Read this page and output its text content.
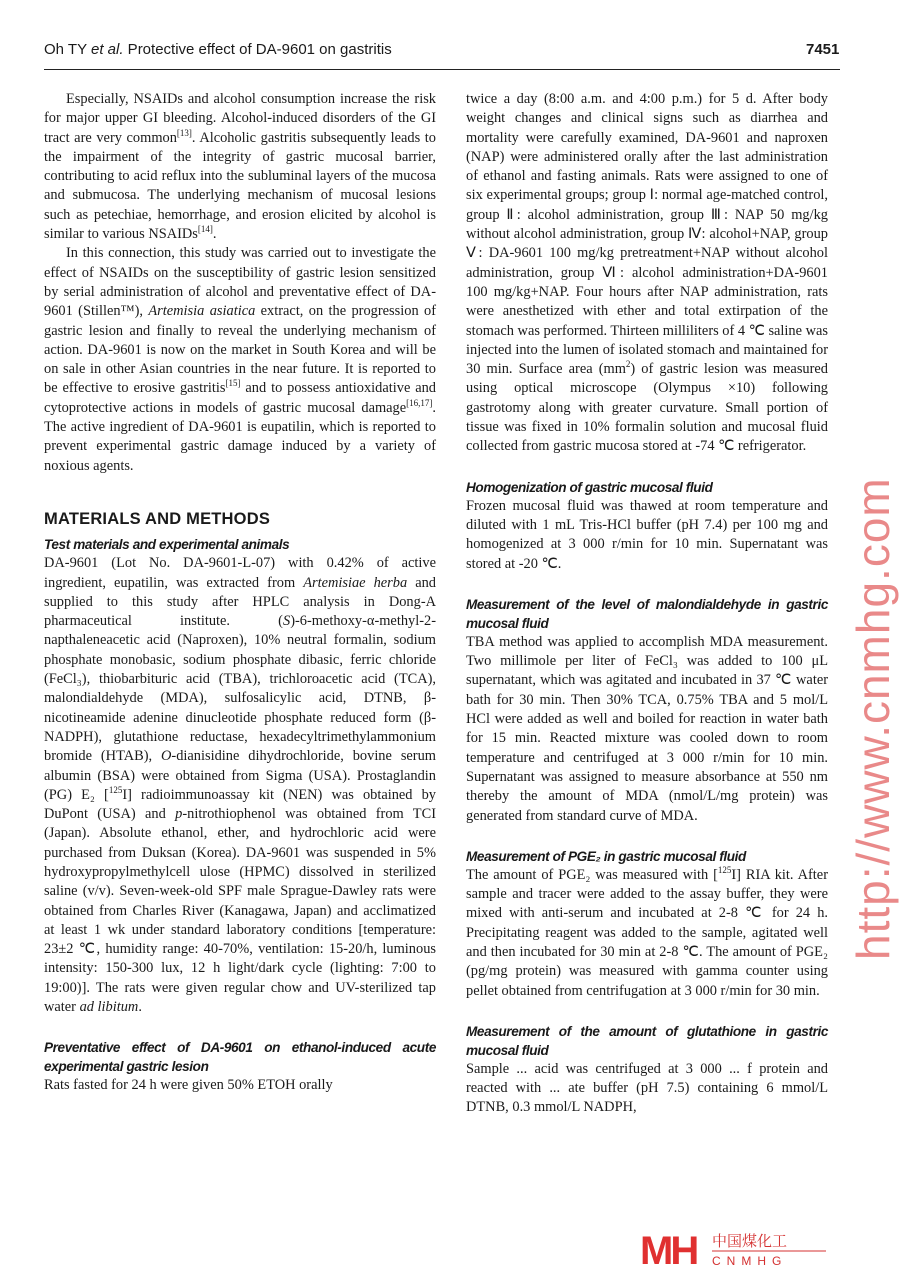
Oh TY et al. Protective effect of DA-9601 on gastritis	7451

Especially, NSAIDs and alcohol consumption increase the risk for major upper GI bleeding. Alcohol-induced disorders of the GI tract are very common[13]. Alcoholic gastritis subsequently leads to the impairment of the integrity of gastric mucosal barrier, contributing to acid reflux into the subluminal layers of the mucosa and submucosa. The underlying mechanism of mucosal lesions such as petechiae, hemorrhage, and erosion elicited by alcohol is similar to various NSAIDs[14].

In this connection, this study was carried out to investigate the effect of NSAIDs on the susceptibility of gastric lesion sensitized by serial administration of alcohol and preventative effect of DA-9601 (Stillen™), Artemisia asiatica extract, on the progression of gastric lesion and finally to reveal the underlying mechanism of action. DA-9601 is now on the market in South Korea and will be on sale in other Asian countries in the near future. It is reported to be effective to erosive gastritis[15] and to possess antioxidative and cytoprotective actions in models of gastric mucosal damage[16,17]. The active ingredient of DA-9601 is eupatilin, which is reported to prevent experimental gastric damage induced by a variety of noxious agents.

MATERIALS AND METHODS
Test materials and experimental animals

DA-9601 (Lot No. DA-9601-L-07) with 0.42% of active ingredient, eupatilin, was extracted from Artemisiae herba and supplied to this study after HPLC analysis in Dong-A pharmaceutical institute. (S)-6-methoxy-α-methyl-2-napthaleneacetic acid (Naproxen), 10% neutral formalin, sodium phosphate monobasic, sodium phosphate dibasic, ferric chloride (FeCl₃), thiobarbituric acid (TBA), trichloroacetic acid (TCA), malondialdehyde (MDA), sulfosalicylic acid, DTNB, β-nicotineamide adenine dinucleotide phosphate reduced form (β-NADPH), glutathione reductase, hexadecyltrimethylammonium bromide (HTAB), O-dianisidine dihydrochloride, bovine serum albumin (BSA) were obtained from Sigma (USA). Prostaglandin (PG) E₂ [$^{125}$I] radioimmunoassay kit (NEN) was obtained by DuPont (USA) and p-nitrothiophenol was obtained from TCI (Japan). Absolute ethanol, ether, and hydrochloric acid were purchased from Duksan (Korea). DA-9601 was suspended in 5% hydroxypropylmethylcell ulose (HPMC) dissolved in sterilized saline (v/v). Seven-week-old SPF male Sprague-Dawley rats were obtained from Charles River (Kanagawa, Japan) and acclimatized at least 1 wk under standard laboratory conditions [temperature: 23±2 ℃, humidity range: 40-70%, ventilation: 15-20/h, luminous intensity: 150-300 lux, 12 h light/dark cycle (lighting: 7:00 to 19:00)]. The rats were given regular chow and UV-sterilized tap water ad libitum.

Preventative effect of DA-9601 on ethanol-induced acute experimental gastric lesion

Rats fasted for 24 h were given 50% ETOH orally

twice a day (8:00 a.m. and 4:00 p.m.) for 5 d. After body weight changes and clinical signs such as diarrhea and mortality were carefully examined, DA-9601 and naproxen (NAP) were administered orally after the last administration of ethanol and fasting animals. Rats were assigned to one of six experimental groups; group Ⅰ: normal age-matched control, group Ⅱ: alcohol administration, group Ⅲ: NAP 50 mg/kg without alcohol administration, group Ⅳ: alcohol+NAP, group Ⅴ: DA-9601 100 mg/kg pretreatment+NAP without alcohol administration, group Ⅵ: alcohol administration+DA-9601 100 mg/kg+NAP. Four hours after NAP administration, rats were anesthetized with ether and total extirpation of the stomach was performed. Thirteen milliliters of 4 ℃ saline was injected into the lumen of isolated stomach and maintained for 30 min. Surface area $(mm^2)$ of gastric lesion was measured using optical microscope (Olympus ×10) following gastrotomy along with greater curvature. Small portion of tissue was fixed in 10% formalin solution and mucosal fluid collected from gastric mucosa stored at -74 ℃ refrigerator.

Homogenization of gastric mucosal fluid

Frozen mucosal fluid was thawed at room temperature and diluted with 1 mL Tris-HCl buffer (pH 7.4) per 100 mg and homogenized at 3 000 r/min for 10 min. Supernatant was stored at -20 ℃.

Measurement of the level of malondialdehyde in gastric mucosal fluid

TBA method was applied to accomplish MDA measurement. Two millimole per liter of FeCl₃ was added to 100 μL supernatant, which was agitated and incubated in 37 ℃ water bath for 30 min. Then 30% TCA, 0.75% TBA and 5 mol/L HCl were added as well and boiled for reaction in water bath for 15 min. Reacted mixture was cooled down to room temperature and centrifuged at 3 000 r/min for 10 min. Supernatant was assigned to measure absorbance at 550 nm thereby the amount of MDA (nmol/L/mg protein) was generated from standard curve of MDA.

Measurement of PGE₂ in gastric mucosal fluid

The amount of PGE₂ was measured with [$^{125}$I] RIA kit. After sample and tracer were added to the assay buffer, they were mixed with anti-serum and incubated at 2-8 ℃ for 24 h. Precipitating reagent was added to the sample, agitated well and then incubated for 30 min at 2-8 ℃. The amount of PGE₂ (pg/mg protein) was measured with gamma counter using pellet obtained from centrifugation at 3 000 r/min for 30 min.

Measurement of the amount of glutathione in gastric mucosal fluid

Sample ... acid was centrifuged at 3 000 ... f protein and reacted with ... ate buffer (pH 7.5) containing 6 mmol/L DTNB, 0.3 mmol/L NADPH,

http://www.cnmhg.com
MH 中国煤化工
CNMHG
